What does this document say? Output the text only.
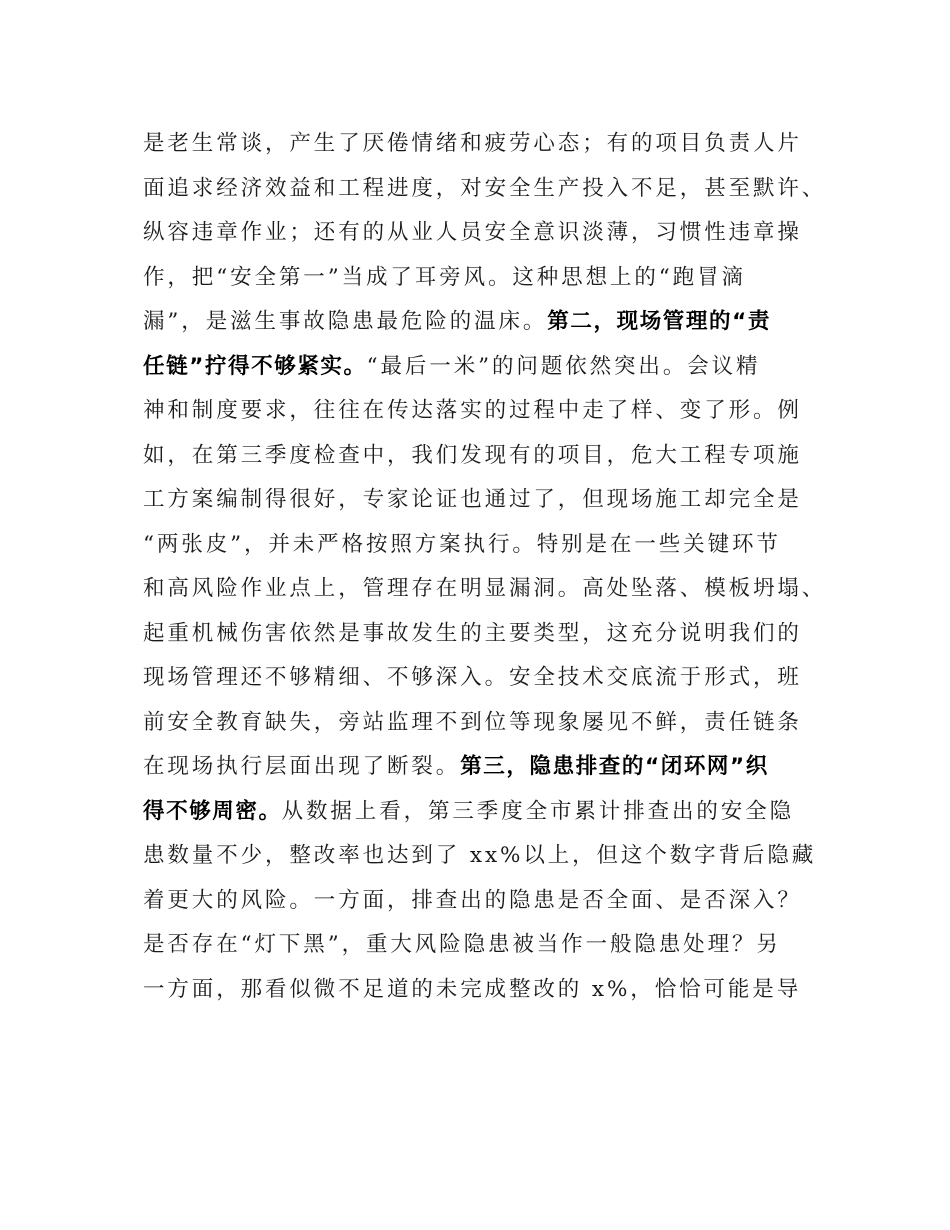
是老生常谈，产生了厌倦情绪和疲劳心态；有的项目负责人片
面追求经济效益和工程进度，对安全生产投入不足，甚至默许、
纵容违章作业；还有的从业人员安全意识淡薄，习惯性违章操
作，把“安全第一”当成了耳旁风。这种思想上的“跑冒滴
漏”，是滋生事故隐患最危险的温床。第二，现场管理的“责
任链”拧得不够紧实。“最后一米”的问题依然突出。会议精
神和制度要求，往往在传达落实的过程中走了样、变了形。例
如，在第三季度检查中，我们发现有的项目，危大工程专项施
工方案编制得很好，专家论证也通过了，但现场施工却完全是
“两张皮”，并未严格按照方案执行。特别是在一些关键环节
和高风险作业点上，管理存在明显漏洞。高处坠落、模板坍塌、
起重机械伤害依然是事故发生的主要类型，这充分说明我们的
现场管理还不够精细、不够深入。安全技术交底流于形式，班
前安全教育缺失，旁站监理不到位等现象屡见不鲜，责任链条
在现场执行层面出现了断裂。第三，隐患排查的“闭环网”织
得不够周密。从数据上看，第三季度全市累计排查出的安全隐
患数量不少，整改率也达到了 xx%以上，但这个数字背后隐藏
着更大的风险。一方面，排查出的隐患是否全面、是否深入？
是否存在“灯下黑”，重大风险隐患被当作一般隐患处理？另
一方面，那看似微不足道的未完成整改的 x%，恰恰可能是导
